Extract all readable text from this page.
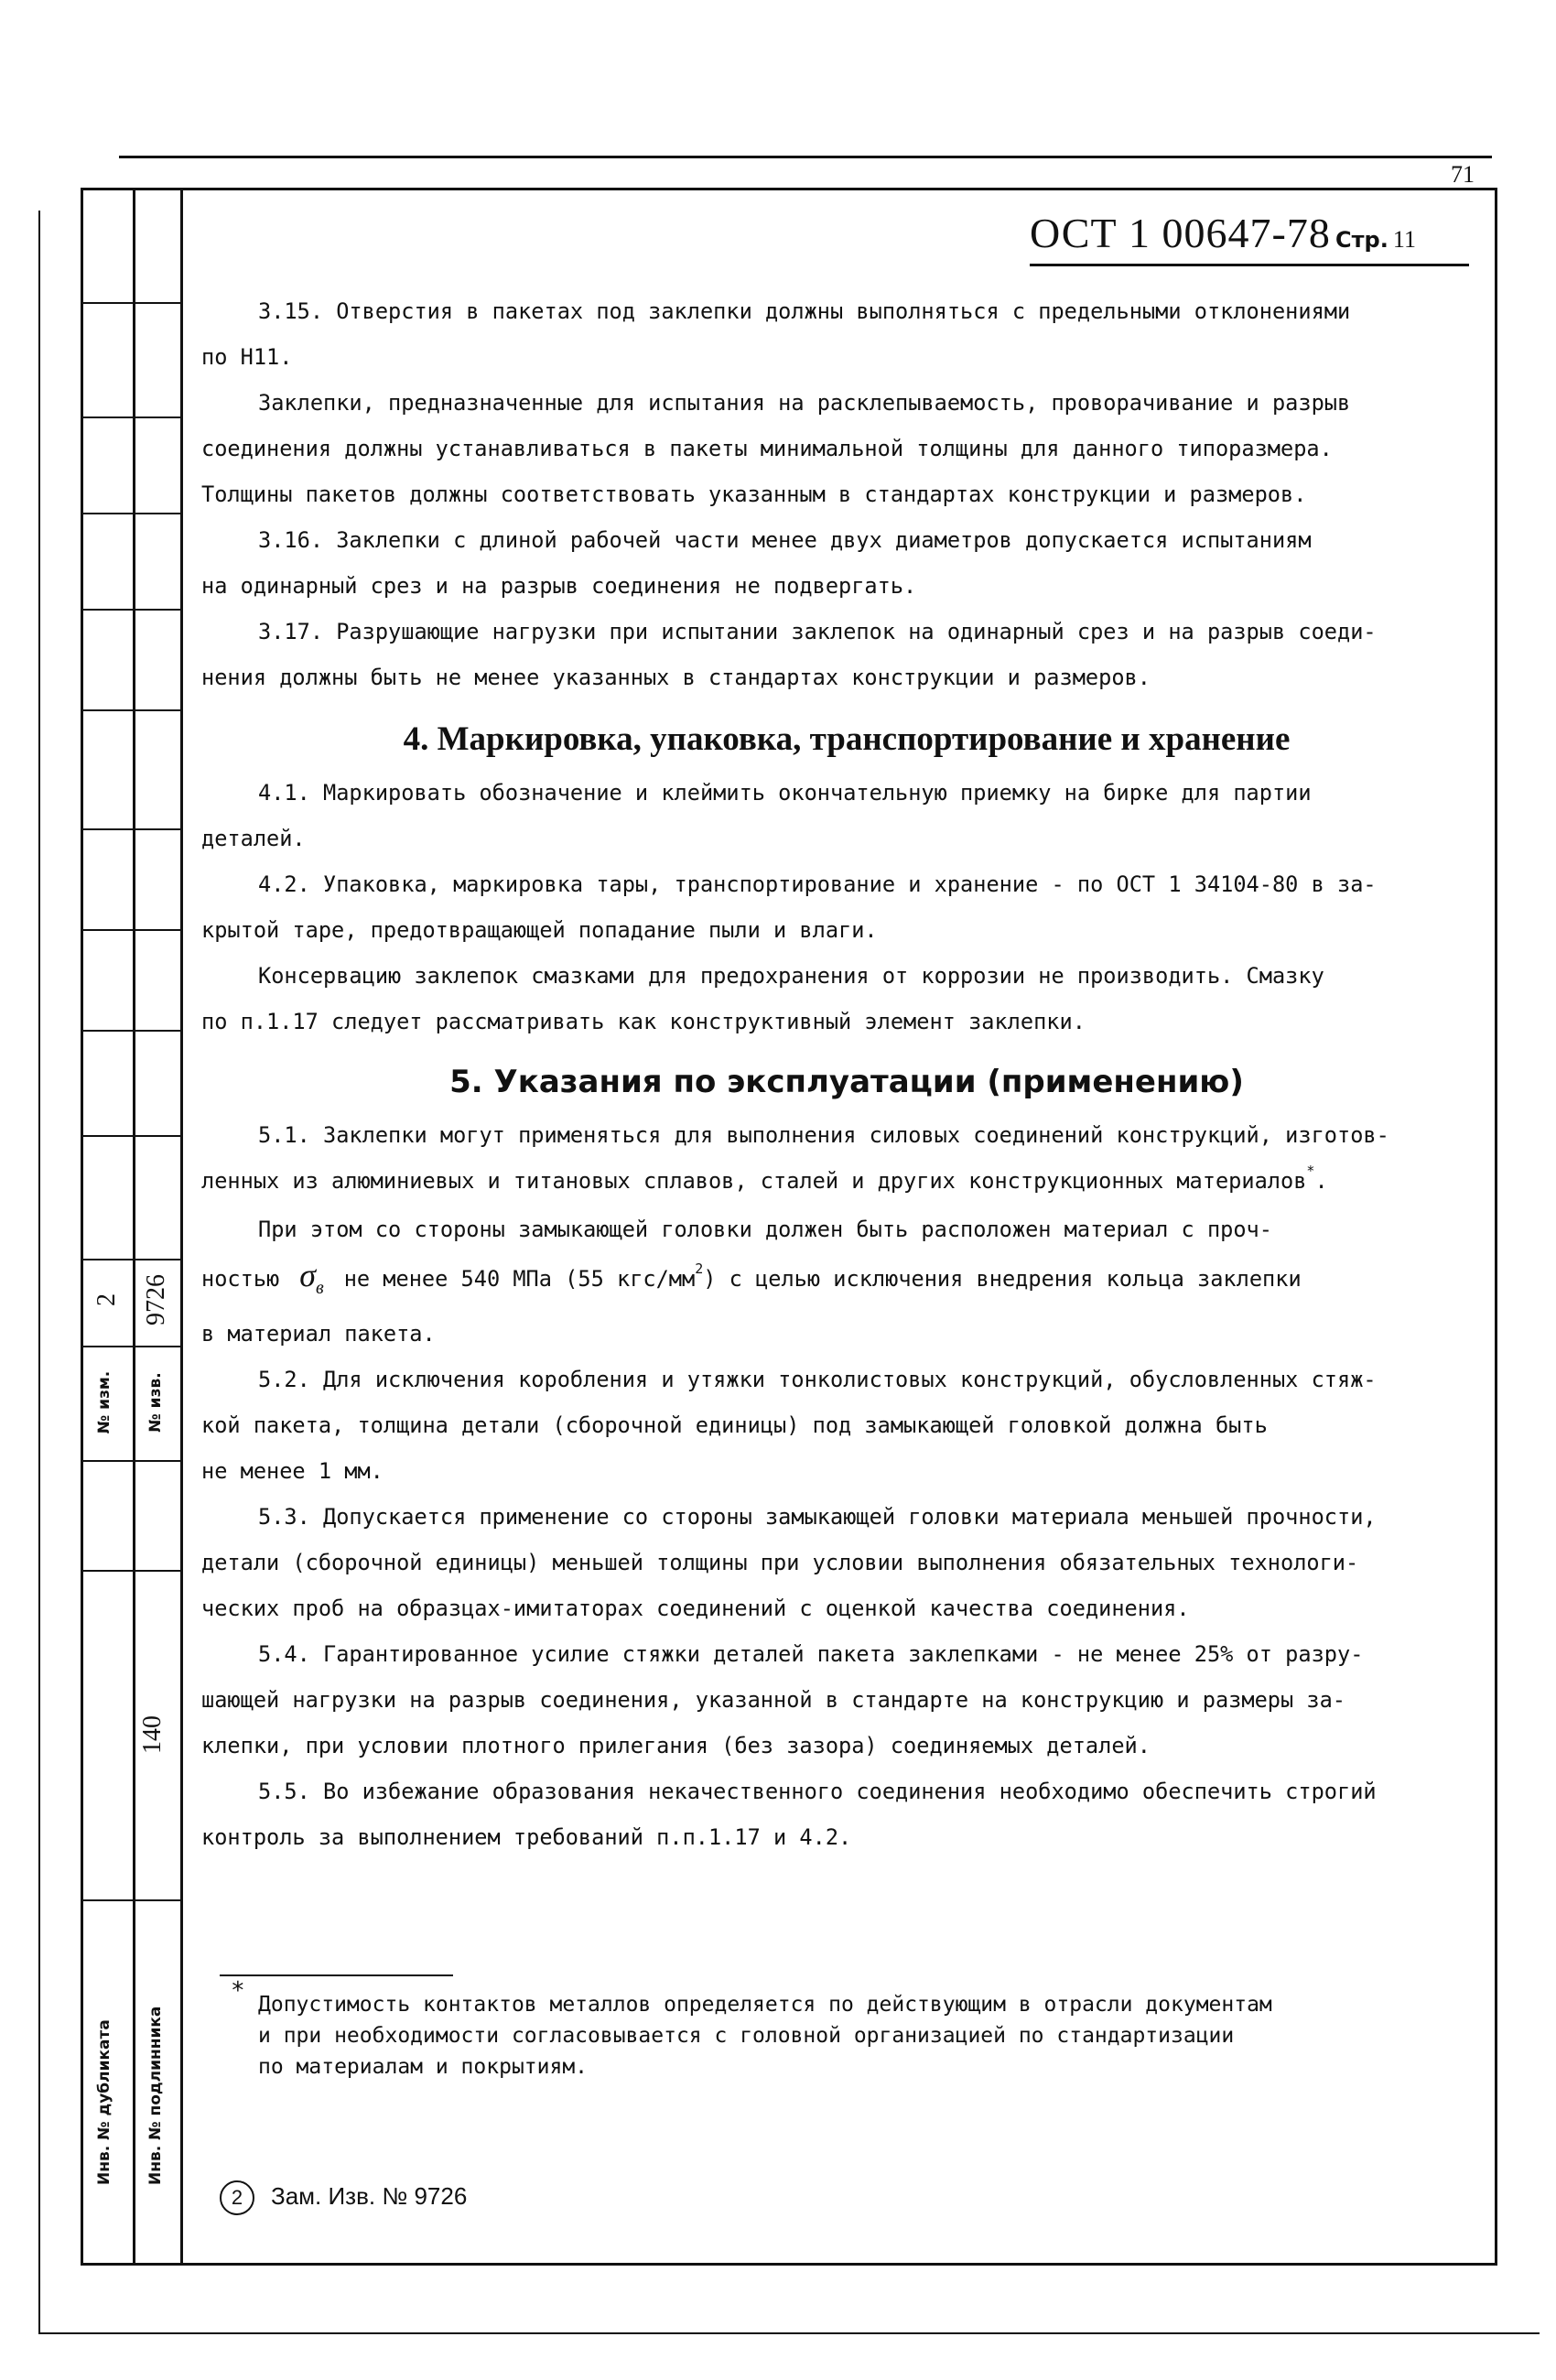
2 9726
№ изм. № изв.
140
Инв. № дубликата Инв. № подлинника
71
ОСТ 1 00647-78 Стр. 11

3.15. Отверстия в пакетах под заклепки должны выполняться с предельными отклонениями

по Н11.

Заклепки, предназначенные для испытания на расклепываемость, проворачивание и разрыв

соединения должны устанавливаться в пакеты минимальной толщины для данного типоразмера.

Толщины пакетов должны соответствовать указанным в стандартах конструкции и размеров.

3.16. Заклепки с длиной рабочей части менее двух диаметров допускается испытаниям

на одинарный срез и на разрыв соединения не подвергать.

3.17. Разрушающие нагрузки при испытании заклепок на одинарный срез и на разрыв соеди-

нения должны быть не менее указанных в стандартах конструкции и размеров.

4. Маркировка, упаковка, транспортирование и хранение

4.1. Маркировать обозначение и клеймить окончательную приемку на бирке для партии

деталей.

4.2. Упаковка, маркировка тары, транспортирование и хранение - по ОСТ 1 34104-80 в за-

крытой таре, предотвращающей попадание пыли и влаги.

Консервацию заклепок смазками для предохранения от коррозии не производить. Смазку

по п.1.17 следует рассматривать как конструктивный элемент заклепки.

5. Указания по эксплуатации (применению)

5.1. Заклепки могут применяться для выполнения силовых соединений конструкций, изготов-

ленных из алюминиевых и титановых сплавов, сталей и других конструкционных материалов*.

При этом со стороны замыкающей головки должен быть расположен материал с проч-

ностью $\sigma_в$ не менее 540 МПа (55 кгс/$мм^2$) с целью исключения внедрения кольца заклепки

в материал пакета.

5.2. Для исключения коробления и утяжки тонколистовых конструкций, обусловленных стяж-

кой пакета, толщина детали (сборочной единицы) под замыкающей головкой должна быть

не менее 1 мм.

5.3. Допускается применение со стороны замыкающей головки материала меньшей прочности,

детали (сборочной единицы) меньшей толщины при условии выполнения обязательных технологи-

ческих проб на образцах-имитаторах соединений с оценкой качества соединения.

5.4. Гарантированное усилие стяжки деталей пакета заклепками - не менее 25% от разру-

шающей нагрузки на разрыв соединения, указанной в стандарте на конструкцию и размеры за-

клепки, при условии плотного прилегания (без зазора) соединяемых деталей.

5.5. Во избежание образования некачественного соединения необходимо обеспечить строгий

контроль за выполнением требований п.п.1.17 и 4.2.

* Допустимость контактов металлов определяется по действующим в отрасли документам
и при необходимости согласовывается с головной организацией по стандартизации
по материалам и покрытиям.
2 Зам. Изв. № 9726
